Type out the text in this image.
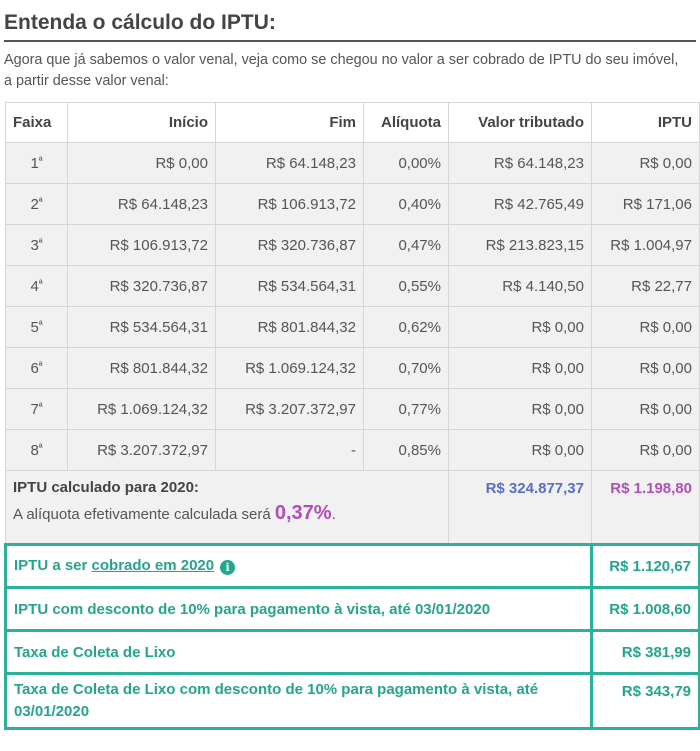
Entenda o cálculo do IPTU:

Agora que já sabemos o valor venal, veja como se chegou no valor a ser cobrado de IPTU do seu imóvel, a partir desse valor venal:

Faixa	Início	Fim	Alíquota	Valor tributado	IPTU
$1^ª$	R$ 0,00	R$ 64.148,23	0,00%	R$ 64.148,23	R$ 0,00
$2^ª$	R$ 64.148,23	R$ 106.913,72	0,40%	R$ 42.765,49	R$ 171,06
$3^ª$	R$ 106.913,72	R$ 320.736,87	0,47%	R$ 213.823,15	R$ 1.004,97
$4^ª$	R$ 320.736,87	R$ 534.564,31	0,55%	R$ 4.140,50	R$ 22,77
$5^ª$	R$ 534.564,31	R$ 801.844,32	0,62%	R$ 0,00	R$ 0,00
$6^ª$	R$ 801.844,32	R$ 1.069.124,32	0,70%	R$ 0,00	R$ 0,00
$7^ª$	R$ 1.069.124,32	R$ 3.207.372,97	0,77%	R$ 0,00	R$ 0,00
$8^ª$	R$ 3.207.372,97	-	0,85%	R$ 0,00	R$ 0,00

IPTU calculado para 2020:
A alíquota efetivamente calculada será 0,37%.				R$ 324.877,37	R$ 1.198,80
IPTU a ser cobrado em 2020 i					R$ 1.120,67
IPTU com desconto de 10% para pagamento à vista, até 03/01/2020					R$ 1.008,60
Taxa de Coleta de Lixo					R$ 381,99
Taxa de Coleta de Lixo com desconto de 10% para pagamento à vista, até 03/01/2020					R$ 343,79
